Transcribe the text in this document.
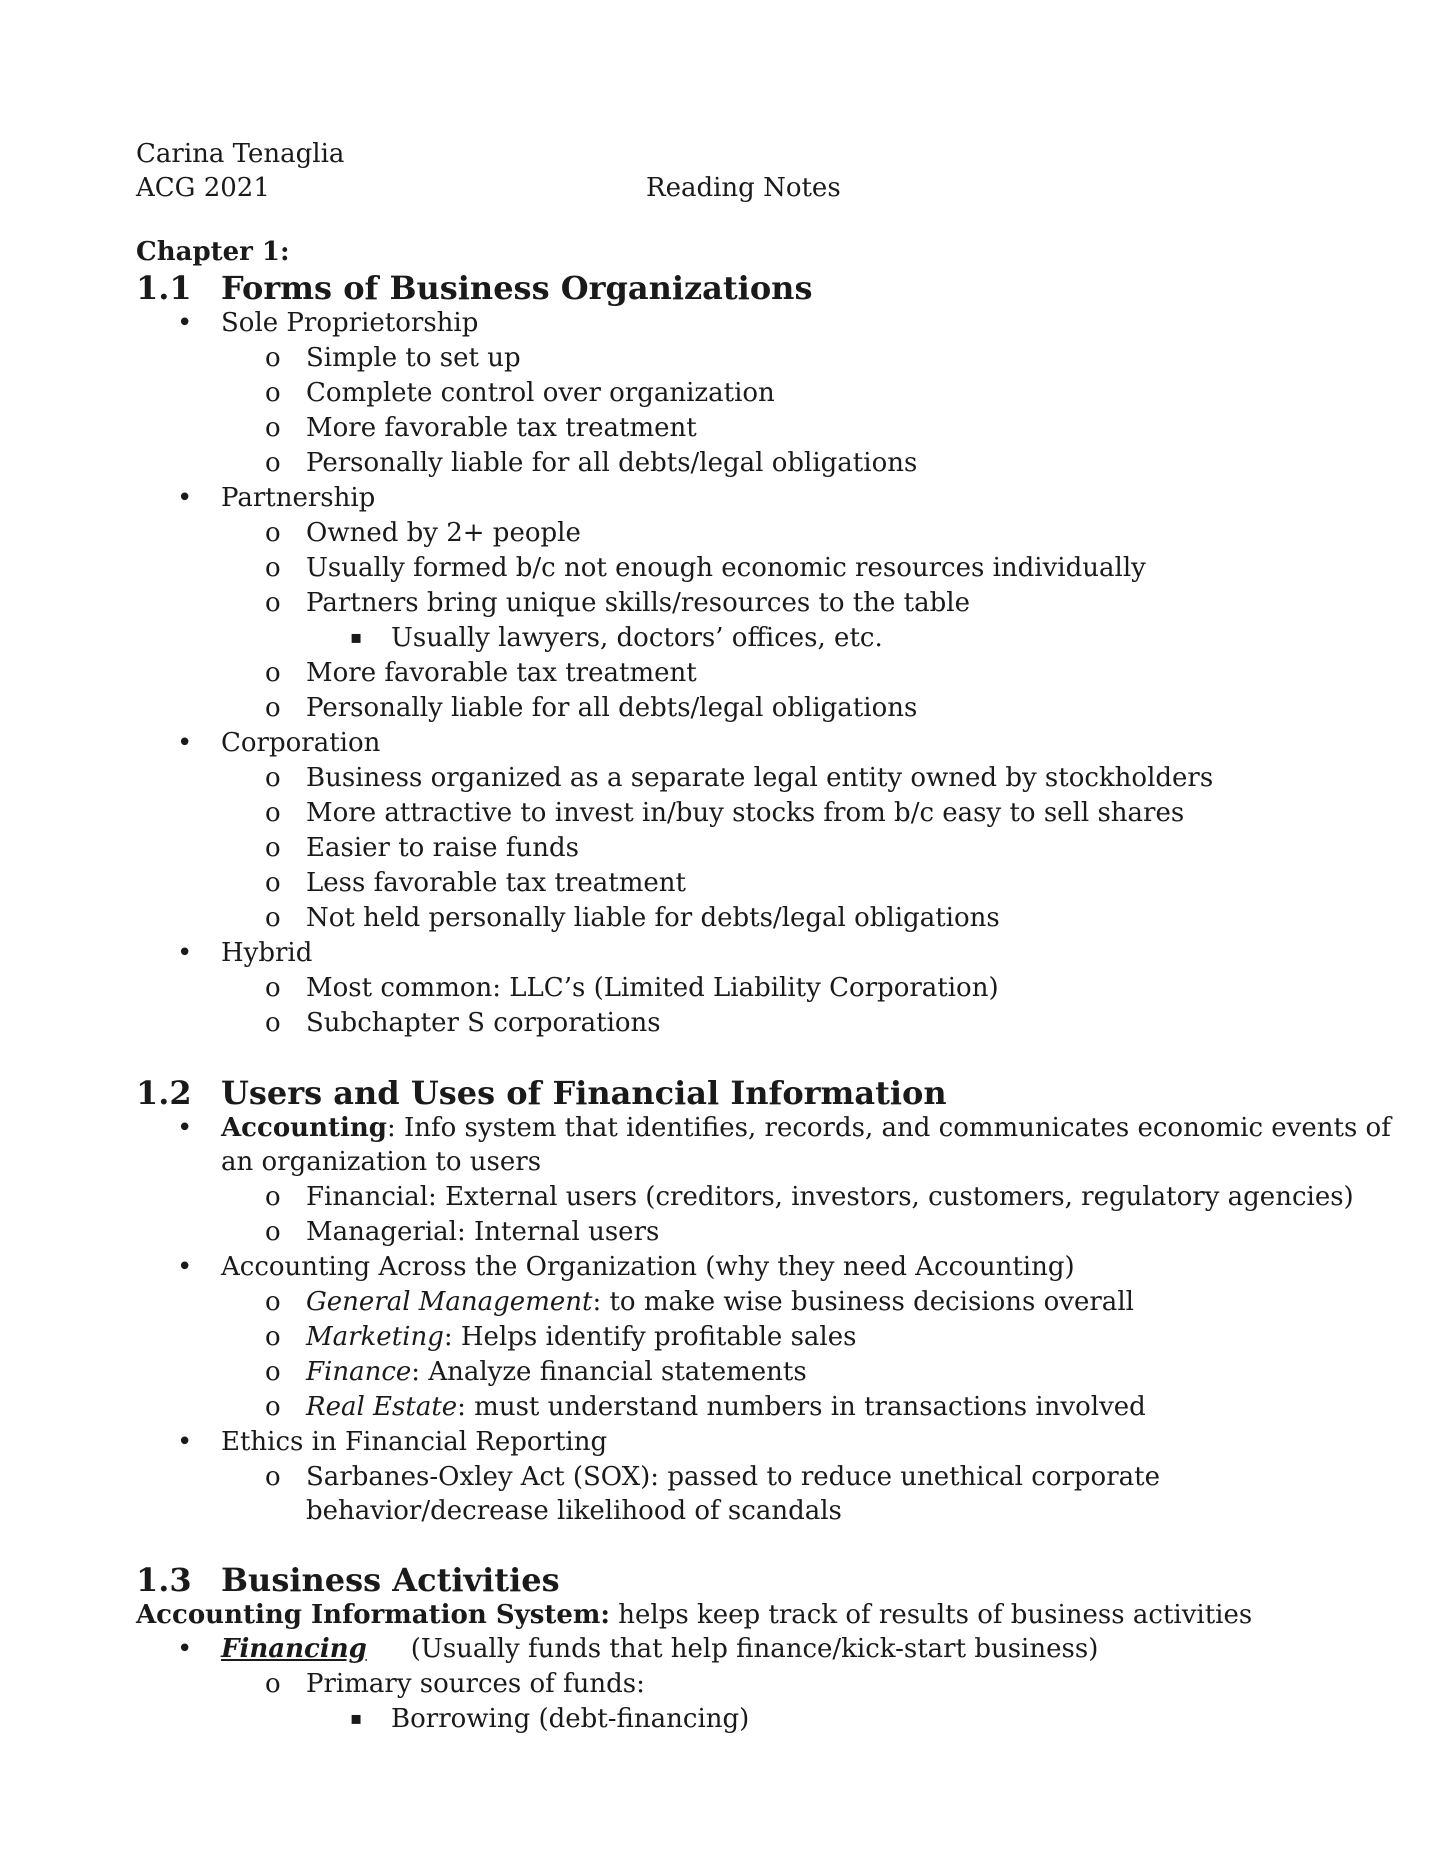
Carina Tenaglia
ACG 2021	Reading Notes
Chapter 1:
1.1 Forms of Business Organizations
• Sole Proprietorship
o Simple to set up
o Complete control over organization
o More favorable tax treatment
o Personally liable for all debts/legal obligations
• Partnership
o Owned by 2+ people
o Usually formed b/c not enough economic resources individually
o Partners bring unique skills/resources to the table
▪ Usually lawyers, doctors’ offices, etc.
o More favorable tax treatment
o Personally liable for all debts/legal obligations
• Corporation
o Business organized as a separate legal entity owned by stockholders
o More attractive to invest in/buy stocks from b/c easy to sell shares
o Easier to raise funds
o Less favorable tax treatment
o Not held personally liable for debts/legal obligations
• Hybrid
o Most common: LLC’s (Limited Liability Corporation)
o Subchapter S corporations
1.2 Users and Uses of Financial Information
• Accounting: Info system that identifies, records, and communicates economic events of
an organization to users
o Financial: External users (creditors, investors, customers, regulatory agencies)
o Managerial: Internal users
• Accounting Across the Organization (why they need Accounting)
o General Management: to make wise business decisions overall
o Marketing: Helps identify profitable sales
o Finance: Analyze financial statements
o Real Estate: must understand numbers in transactions involved
• Ethics in Financial Reporting
o Sarbanes-Oxley Act (SOX): passed to reduce unethical corporate
behavior/decrease likelihood of scandals
1.3 Business Activities
Accounting Information System: helps keep track of results of business activities
• Financing (Usually funds that help finance/kick-start business)
o Primary sources of funds:
▪ Borrowing (debt-financing)
